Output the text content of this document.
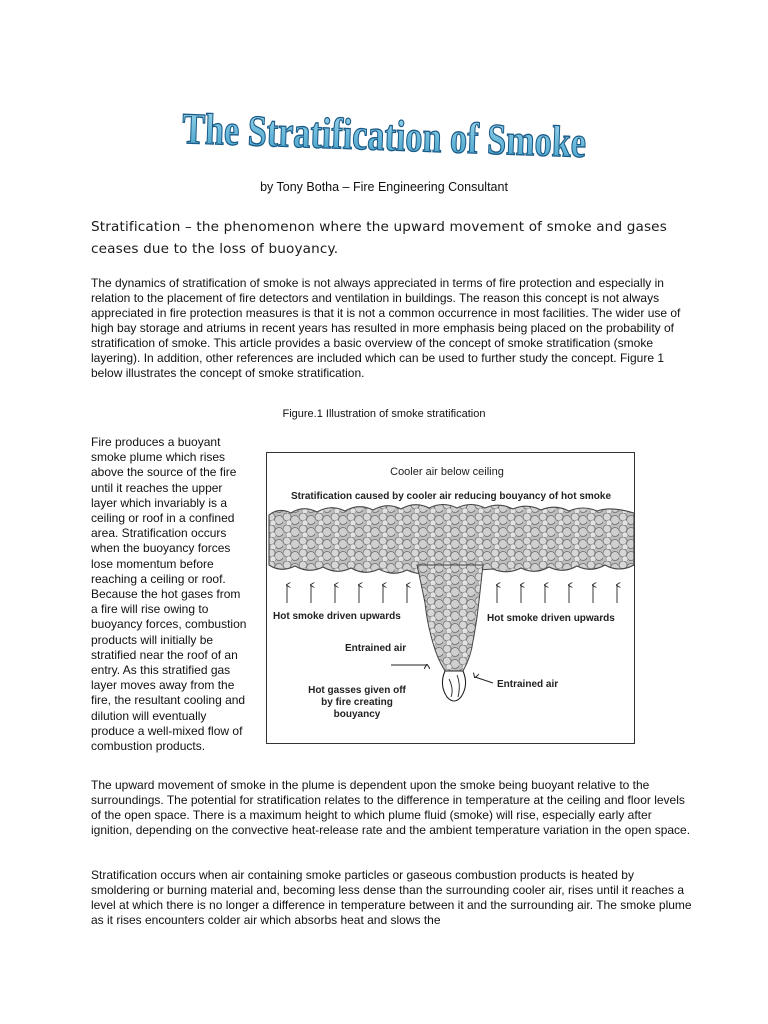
The Stratification of Smoke
by Tony Botha – Fire Engineering Consultant
Stratification – the phenomenon where the upward movement of smoke and gases ceases due to the loss of buoyancy.
The dynamics of stratification of smoke is not always appreciated in terms of fire protection and especially in relation to the placement of fire detectors and ventilation in buildings. The reason this concept is not always appreciated in fire protection measures is that it is not a common occurrence in most facilities. The wider use of high bay storage and atriums in recent years has resulted in more emphasis being placed on the probability of stratification of smoke. This article provides a basic overview of the concept of smoke stratification (smoke layering). In addition, other references are included which can be used to further study the concept. Figure 1 below illustrates the concept of smoke stratification.
Figure.1 Illustration of smoke stratification
Fire produces a buoyant smoke plume which rises above the source of the fire until it reaches the upper layer which invariably is a ceiling or roof in a confined area. Stratification occurs when the buoyancy forces lose momentum before reaching a ceiling or roof. Because the hot gases from a fire will rise owing to buoyancy forces, combustion products will initially be stratified near the roof of an entry. As this stratified gas layer moves away from the fire, the resultant cooling and dilution will eventually produce a well-mixed flow of combustion products.
Cooler air below ceiling
Stratification caused by cooler air reducing bouyancy of hot smoke
Hot smoke driven upwards	Hot smoke driven upwards
Entrained air
Entrained air
Hot gasses given off
by fire creating
bouyancy
The upward movement of smoke in the plume is dependent upon the smoke being buoyant relative to the surroundings. The potential for stratification relates to the difference in temperature at the ceiling and floor levels of the open space. There is a maximum height to which plume fluid (smoke) will rise, especially early after ignition, depending on the convective heat-release rate and the ambient temperature variation in the open space.
Stratification occurs when air containing smoke particles or gaseous combustion products is heated by smoldering or burning material and, becoming less dense than the surrounding cooler air, rises until it reaches a level at which there is no longer a difference in temperature between it and the surrounding air. The smoke plume as it rises encounters colder air which absorbs heat and slows the
